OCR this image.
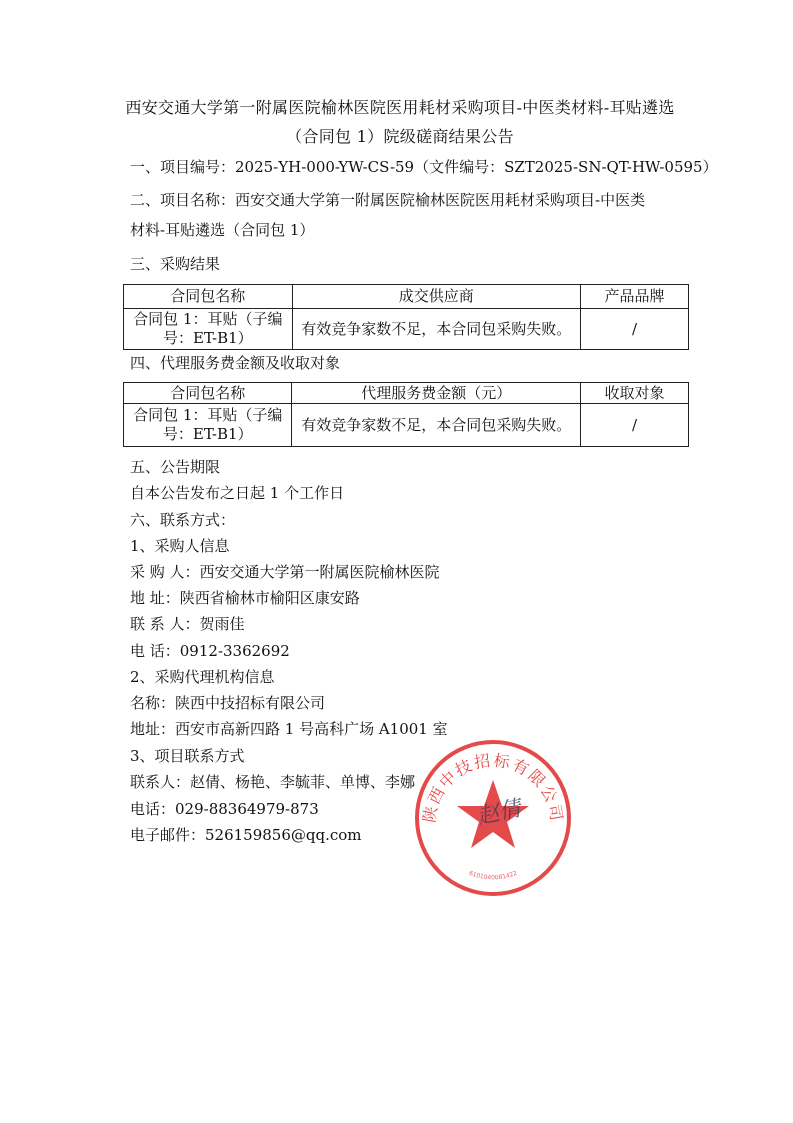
西安交通大学第一附属医院榆林医院医用耗材采购项目-中医类材料-耳贴遴选
（合同包 1）院级磋商结果公告
一、项目编号：2025-YH-000-YW-CS-59（文件编号：SZT2025-SN-QT-HW-0595）
二、项目名称：西安交通大学第一附属医院榆林医院医用耗材采购项目-中医类
材料-耳贴遴选（合同包 1）
三、采购结果
合同包名称	成交供应商	产品品牌

合同包 1：耳贴（子编
号：ET-B1）	有效竞争家数不足，本合同包采购失败。	/
四、代理服务费金额及收取对象
合同包名称	代理服务费金额（元）	收取对象

合同包 1：耳贴（子编
号：ET-B1）	有效竞争家数不足，本合同包采购失败。	/
五、公告期限
自本公告发布之日起 1 个工作日
六、联系方式：
1、采购人信息
采 购 人：西安交通大学第一附属医院榆林医院
地 址：陕西省榆林市榆阳区康安路
联 系 人：贺雨佳
电 话：0912-3362692
2、采购代理机构信息
名称：陕西中技招标有限公司
地址：西安市高新四路 1 号高科广场 A1001 室
3、项目联系方式
联系人：赵倩、杨艳、李毓菲、单博、李娜
电话：029-88364979-873
电子邮件：526159856@qq.com
陕西中技招标有限公司
6101040081422
赵倩
